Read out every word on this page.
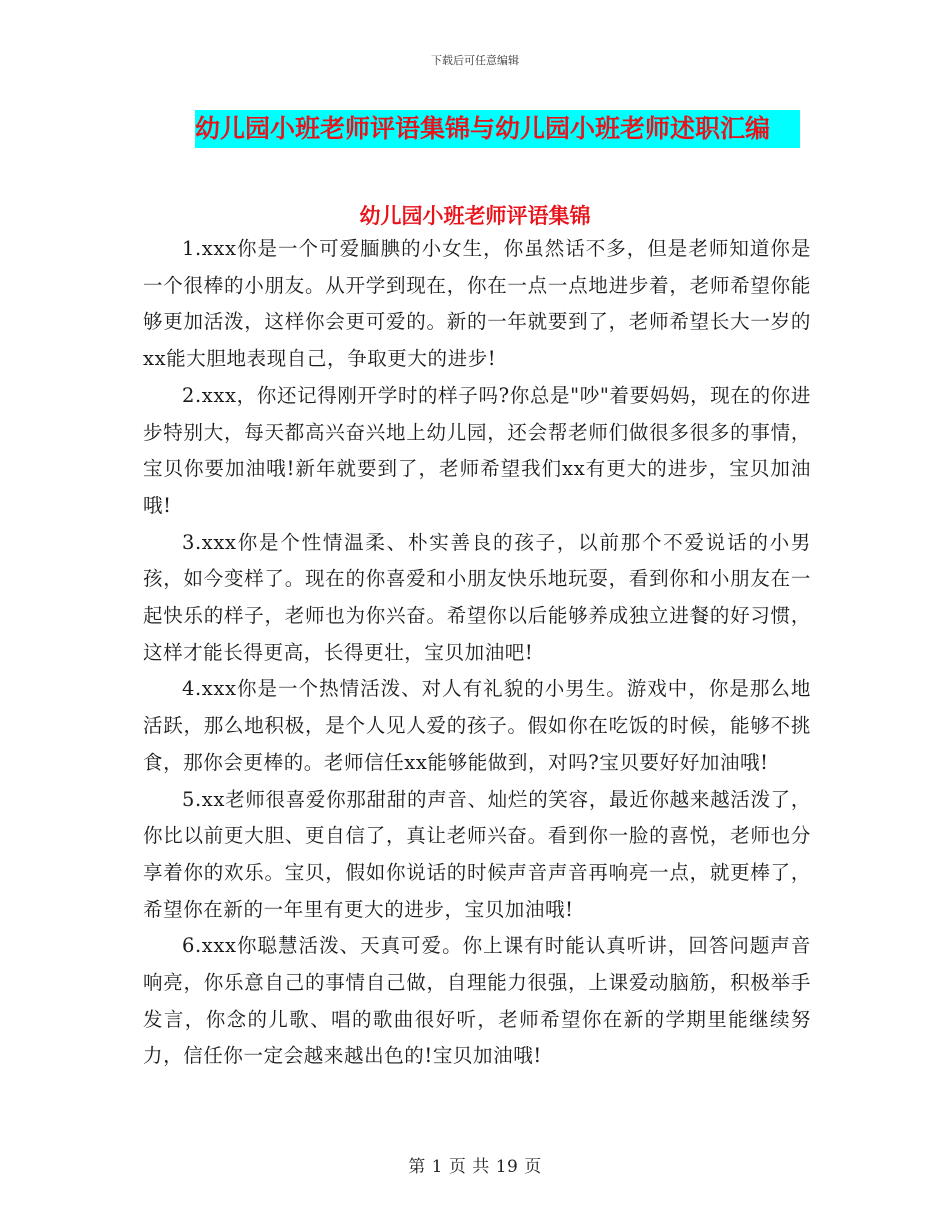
下载后可任意编辑
幼儿园小班老师评语集锦与幼儿园小班老师述职汇编
幼儿园小班老师评语集锦

1.xxx你是一个可爱腼腆的小女生，你虽然话不多，但是老师知道你是一个很棒的小朋友。从开学到现在，你在一点一点地进步着，老师希望你能够更加活泼，这样你会更可爱的。新的一年就要到了，老师希望长大一岁的xx能大胆地表现自己，争取更大的进步!

2.xxx，你还记得刚开学时的样子吗?你总是"吵"着要妈妈，现在的你进步特别大，每天都高兴奋兴地上幼儿园，还会帮老师们做很多很多的事情，宝贝你要加油哦!新年就要到了，老师希望我们xx有更大的进步，宝贝加油哦!

3.xxx你是个性情温柔、朴实善良的孩子，以前那个不爱说话的小男孩，如今变样了。现在的你喜爱和小朋友快乐地玩耍，看到你和小朋友在一起快乐的样子，老师也为你兴奋。希望你以后能够养成独立进餐的好习惯，这样才能长得更高，长得更壮，宝贝加油吧!

4.xxx你是一个热情活泼、对人有礼貌的小男生。游戏中，你是那么地活跃，那么地积极，是个人见人爱的孩子。假如你在吃饭的时候，能够不挑食，那你会更棒的。老师信任xx能够能做到，对吗?宝贝要好好加油哦!

5.xx老师很喜爱你那甜甜的声音、灿烂的笑容，最近你越来越活泼了，你比以前更大胆、更自信了，真让老师兴奋。看到你一脸的喜悦，老师也分享着你的欢乐。宝贝，假如你说话的时候声音声音再响亮一点，就更棒了，希望你在新的一年里有更大的进步，宝贝加油哦!

6.xxx你聪慧活泼、天真可爱。你上课有时能认真听讲，回答问题声音响亮，你乐意自己的事情自己做，自理能力很强，上课爱动脑筋，积极举手发言，你念的儿歌、唱的歌曲很好听，老师希望你在新的学期里能继续努力，信任你一定会越来越出色的!宝贝加油哦!

第 1 页 共 19 页
